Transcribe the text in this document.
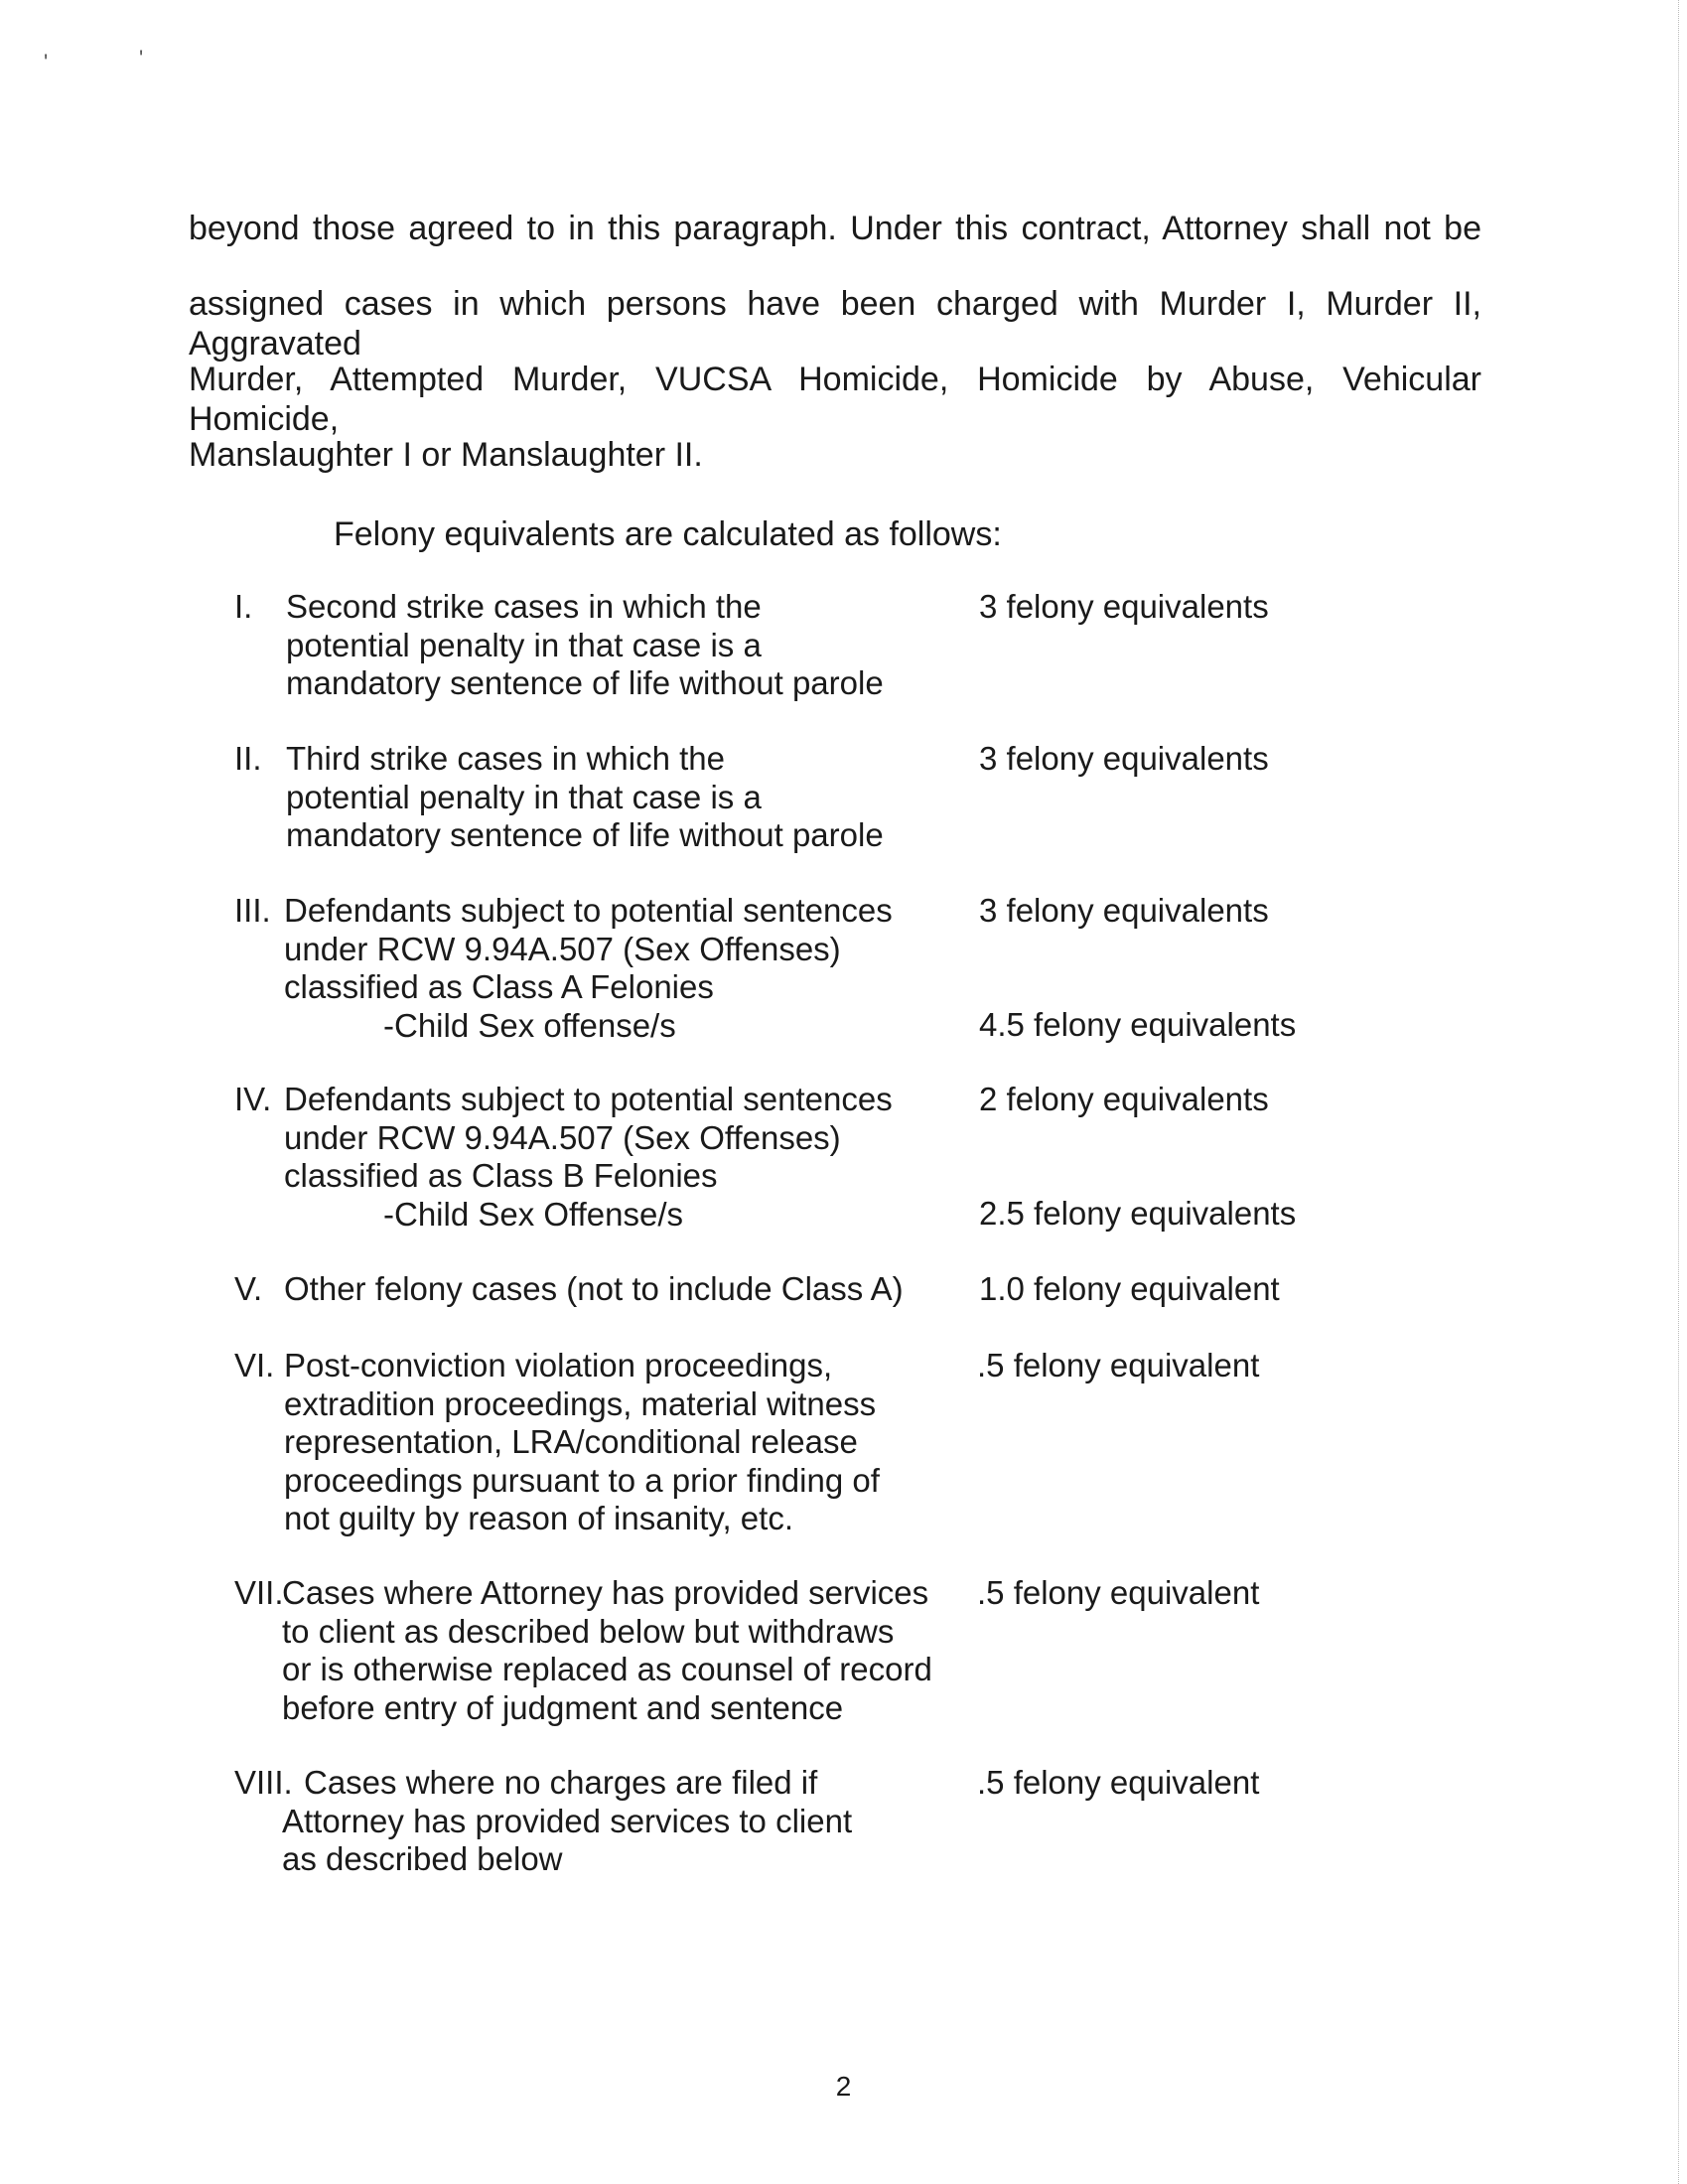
'	'
beyond those agreed to in this paragraph. Under this contract, Attorney shall not be
assigned cases in which persons have been charged with Murder I, Murder II, Aggravated
Murder, Attempted Murder, VUCSA Homicide, Homicide by Abuse, Vehicular Homicide,
Manslaughter I or Manslaughter II.
Felony equivalents are calculated as follows:
I. Second strike cases in which the
potential penalty in that case is a
mandatory sentence of life without parole
3 felony equivalents
II. Third strike cases in which the
potential penalty in that case is a
mandatory sentence of life without parole
3 felony equivalents
III. Defendants subject to potential sentences
under RCW 9.94A.507 (Sex Offenses)
classified as Class A Felonies
-Child Sex offense/s
3 felony equivalents
4.5 felony equivalents
IV. Defendants subject to potential sentences
under RCW 9.94A.507 (Sex Offenses)
classified as Class B Felonies
-Child Sex Offense/s
2 felony equivalents
2.5 felony equivalents
V. Other felony cases (not to include Class A) 1.0 felony equivalent
VI. Post-conviction violation proceedings,
extradition proceedings, material witness
representation, LRA/conditional release
proceedings pursuant to a prior finding of
not guilty by reason of insanity, etc.
.5 felony equivalent
VII.
Cases where Attorney has provided services
to client as described below but withdraws
or is otherwise replaced as counsel of record
before entry of judgment and sentence
.5 felony equivalent
VIII. Cases where no charges are filed if
Attorney has provided services to client
as described below
.5 felony equivalent
2
